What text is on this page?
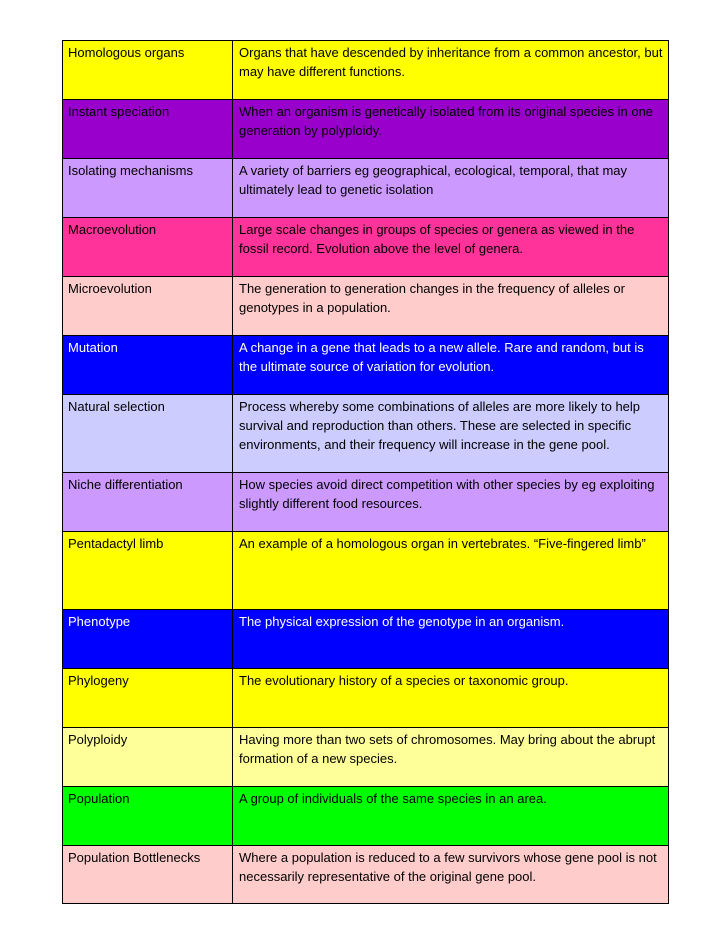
Homologous organs	Organs that have descended by inheritance from a common ancestor, but may have different functions.
Instant speciation	When an organism is genetically isolated from its original species in one generation by polyploidy.
Isolating mechanisms	A variety of barriers eg geographical, ecological, temporal, that may ultimately lead to genetic isolation
Macroevolution	Large scale changes in groups of species or genera as viewed in the fossil record. Evolution above the level of genera.
Microevolution	The generation to generation changes in the frequency of alleles or genotypes in a population.
Mutation	A change in a gene that leads to a new allele. Rare and random, but is the ultimate source of variation for evolution.
Natural selection	Process whereby some combinations of alleles are more likely to help survival and reproduction than others. These are selected in specific environments, and their frequency will increase in the gene pool.
Niche differentiation	How species avoid direct competition with other species by eg exploiting slightly different food resources.
Pentadactyl limb	An example of a homologous organ in vertebrates. “Five-fingered limb”
Phenotype	The physical expression of the genotype in an organism.
Phylogeny	The evolutionary history of a species or taxonomic group.
Polyploidy	Having more than two sets of chromosomes. May bring about the abrupt formation of a new species.
Population	A group of individuals of the same species in an area.
Population Bottlenecks	Where a population is reduced to a few survivors whose gene pool is not necessarily representative of the original gene pool.
